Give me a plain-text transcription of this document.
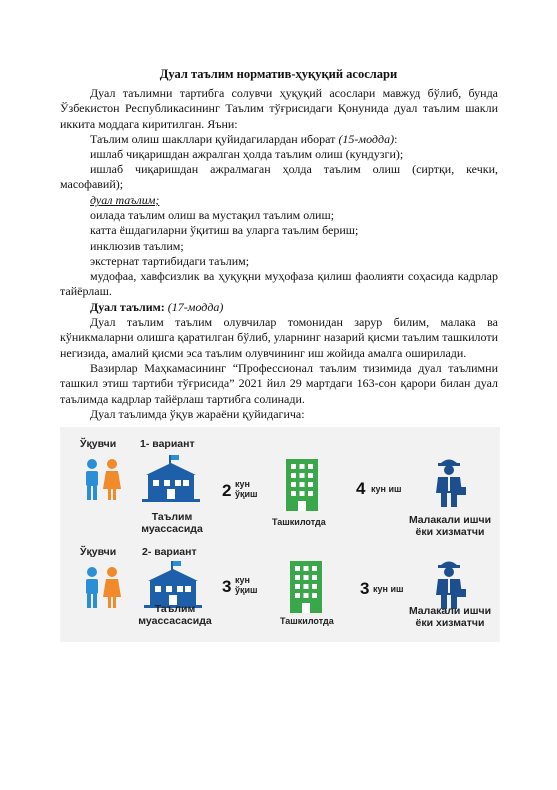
Дуал таълим норматив-ҳуқуқий асослари
Дуал таълимни тартибга солувчи ҳуқуқий асослари мавжуд бўлиб, бунда Ўзбекистон Республикасининг Таълим тўғрисидаги Қонунида дуал таълим шакли иккита моддага киритилган. Яъни:
Таълим олиш шакллари қуйидагилардан иборат (15-модда):
ишлаб чиқаришдан ажралган ҳолда таълим олиш (кундузги);
ишлаб чиқаришдан ажралмаган ҳолда таълим олиш (сиртқи, кечки, масофавий);
дуал таълим;
оилада таълим олиш ва мустақил таълим олиш;
катта ёшдагиларни ўқитиш ва уларга таълим бериш;
инклюзив таълим;
экстернат тартибидаги таълим;
мудофаа, хавфсизлик ва ҳуқуқни муҳофаза қилиш фаолияти соҳасида кадрлар тайёрлаш.
Дуал таълим: (17-модда)
Дуал таълим таълим олувчилар томонидан зарур билим, малака ва кўникмаларни олишга қаратилган бўлиб, уларнинг назарий қисми таълим ташкилоти негизида, амалий қисми эса таълим олувчининг иш жойида амалга оширилади.
Вазирлар Маҳкамасининг “Профессионал таълим тизимида дуал таълимни ташкил этиш тартиби тўғрисида” 2021 йил 29 мартдаги 163-сон қарори билан дуал таълимда кадрлар тайёрлаш тартибга солинади.
Дуал таълимда ўқув жараёни қуйидагича:
Ўқувчи 1- вариант
Таълим
муассасида
2 кун
ўқиш
Ташкилотда
4 кун иш
Малакали ишчи
ёки хизматчи
Ўқувчи 2- вариант
Таълим
муассасасида
3 кун
ўқиш
Ташкилотда
3 кун иш
Малакали ишчи
ёки хизматчи
